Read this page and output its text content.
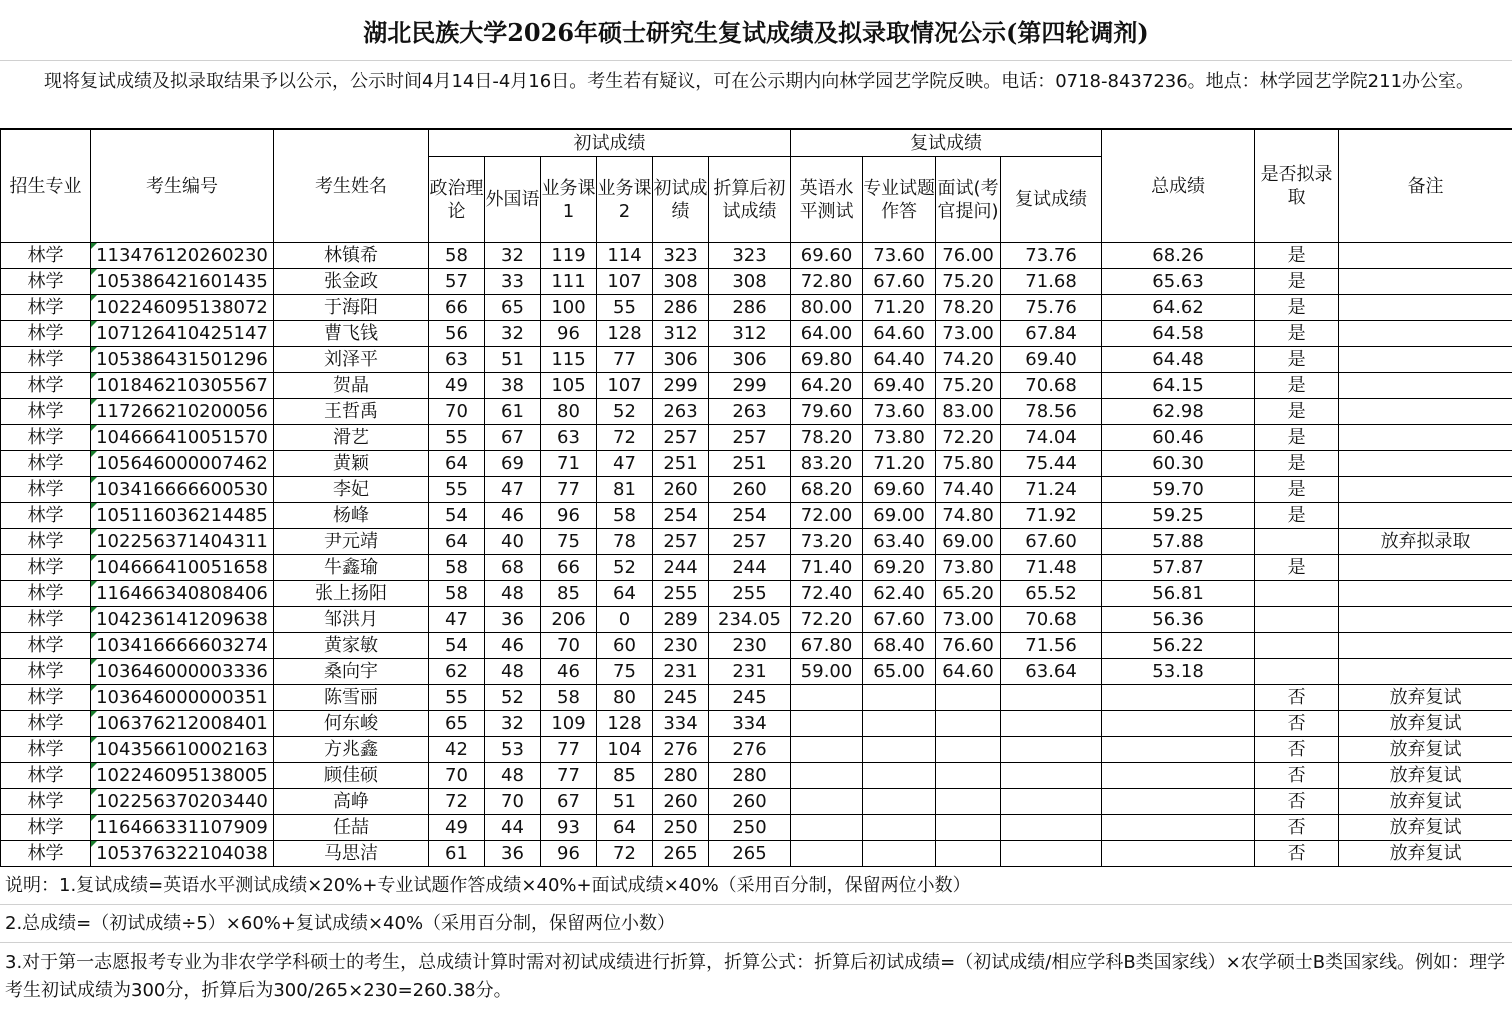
湖北民族大学2026年硕士研究生复试成绩及拟录取情况公示(第四轮调剂)
现将复试成绩及拟录取结果予以公示，公示时间4月14日-4月16日。考生若有疑议，可在公示期内向林学园艺学院反映。电话：0718-8437236。地点：林学园艺学院211办公室。
招生专业	考生编号	考生姓名	初试成绩						复试成绩				总成绩	是否拟录取	备注
			政治理论	外国语	业务课1	业务课2	初试成绩	折算后初试成绩	英语水平测试	专业试题作答	面试(考官提问)	复试成绩			
林学	113476120260230	林镇希	58	32	119	114	323	323	69.60	73.60	76.00	73.76	68.26	是	
林学	105386421601435	张金政	57	33	111	107	308	308	72.80	67.60	75.20	71.68	65.63	是	
林学	102246095138072	于海阳	66	65	100	55	286	286	80.00	71.20	78.20	75.76	64.62	是	
林学	107126410425147	曹飞钱	56	32	96	128	312	312	64.00	64.60	73.00	67.84	64.58	是	
林学	105386431501296	刘泽平	63	51	115	77	306	306	69.80	64.40	74.20	69.40	64.48	是	
林学	101846210305567	贺晶	49	38	105	107	299	299	64.20	69.40	75.20	70.68	64.15	是	
林学	117266210200056	王哲禹	70	61	80	52	263	263	79.60	73.60	83.00	78.56	62.98	是	
林学	104666410051570	滑艺	55	67	63	72	257	257	78.20	73.80	72.20	74.04	60.46	是	
林学	105646000007462	黄颖	64	69	71	47	251	251	83.20	71.20	75.80	75.44	60.30	是	
林学	103416666600530	李妃	55	47	77	81	260	260	68.20	69.60	74.40	71.24	59.70	是	
林学	105116036214485	杨峰	54	46	96	58	254	254	72.00	69.00	74.80	71.92	59.25	是	
林学	102256371404311	尹元靖	64	40	75	78	257	257	73.20	63.40	69.00	67.60	57.88		放弃拟录取
林学	104666410051658	牛鑫瑜	58	68	66	52	244	244	71.40	69.20	73.80	71.48	57.87	是	
林学	116466340808406	张上扬阳	58	48	85	64	255	255	72.40	62.40	65.20	65.52	56.81		
林学	104236141209638	邹洪月	47	36	206	0	289	234.05	72.20	67.60	73.00	70.68	56.36		
林学	103416666603274	黄家敏	54	46	70	60	230	230	67.80	68.40	76.60	71.56	56.22		
林学	103646000003336	桑向宇	62	48	46	75	231	231	59.00	65.00	64.60	63.64	53.18		
林学	103646000000351	陈雪丽	55	52	58	80	245	245						否	放弃复试
林学	106376212008401	何东峻	65	32	109	128	334	334						否	放弃复试
林学	104356610002163	方兆鑫	42	53	77	104	276	276						否	放弃复试
林学	102246095138005	顾佳硕	70	48	77	85	280	280						否	放弃复试
林学	102256370203440	高峥	72	70	67	51	260	260						否	放弃复试
林学	116466331107909	任喆	49	44	93	64	250	250						否	放弃复试
林学	105376322104038	马思洁	61	36	96	72	265	265						否	放弃复试
说明：1.复试成绩=英语水平测试成绩×20%+专业试题作答成绩×40%+面试成绩×40%（采用百分制，保留两位小数）
2.总成绩=（初试成绩÷5）×60%+复试成绩×40%（采用百分制，保留两位小数）
3.对于第一志愿报考专业为非农学学科硕士的考生，总成绩计算时需对初试成绩进行折算，折算公式：折算后初试成绩=（初试成绩/相应学科B类国家线）×农学硕士B类国家线。例如：理学考生初试成绩为300分，折算后为300/265×230=260.38分。
